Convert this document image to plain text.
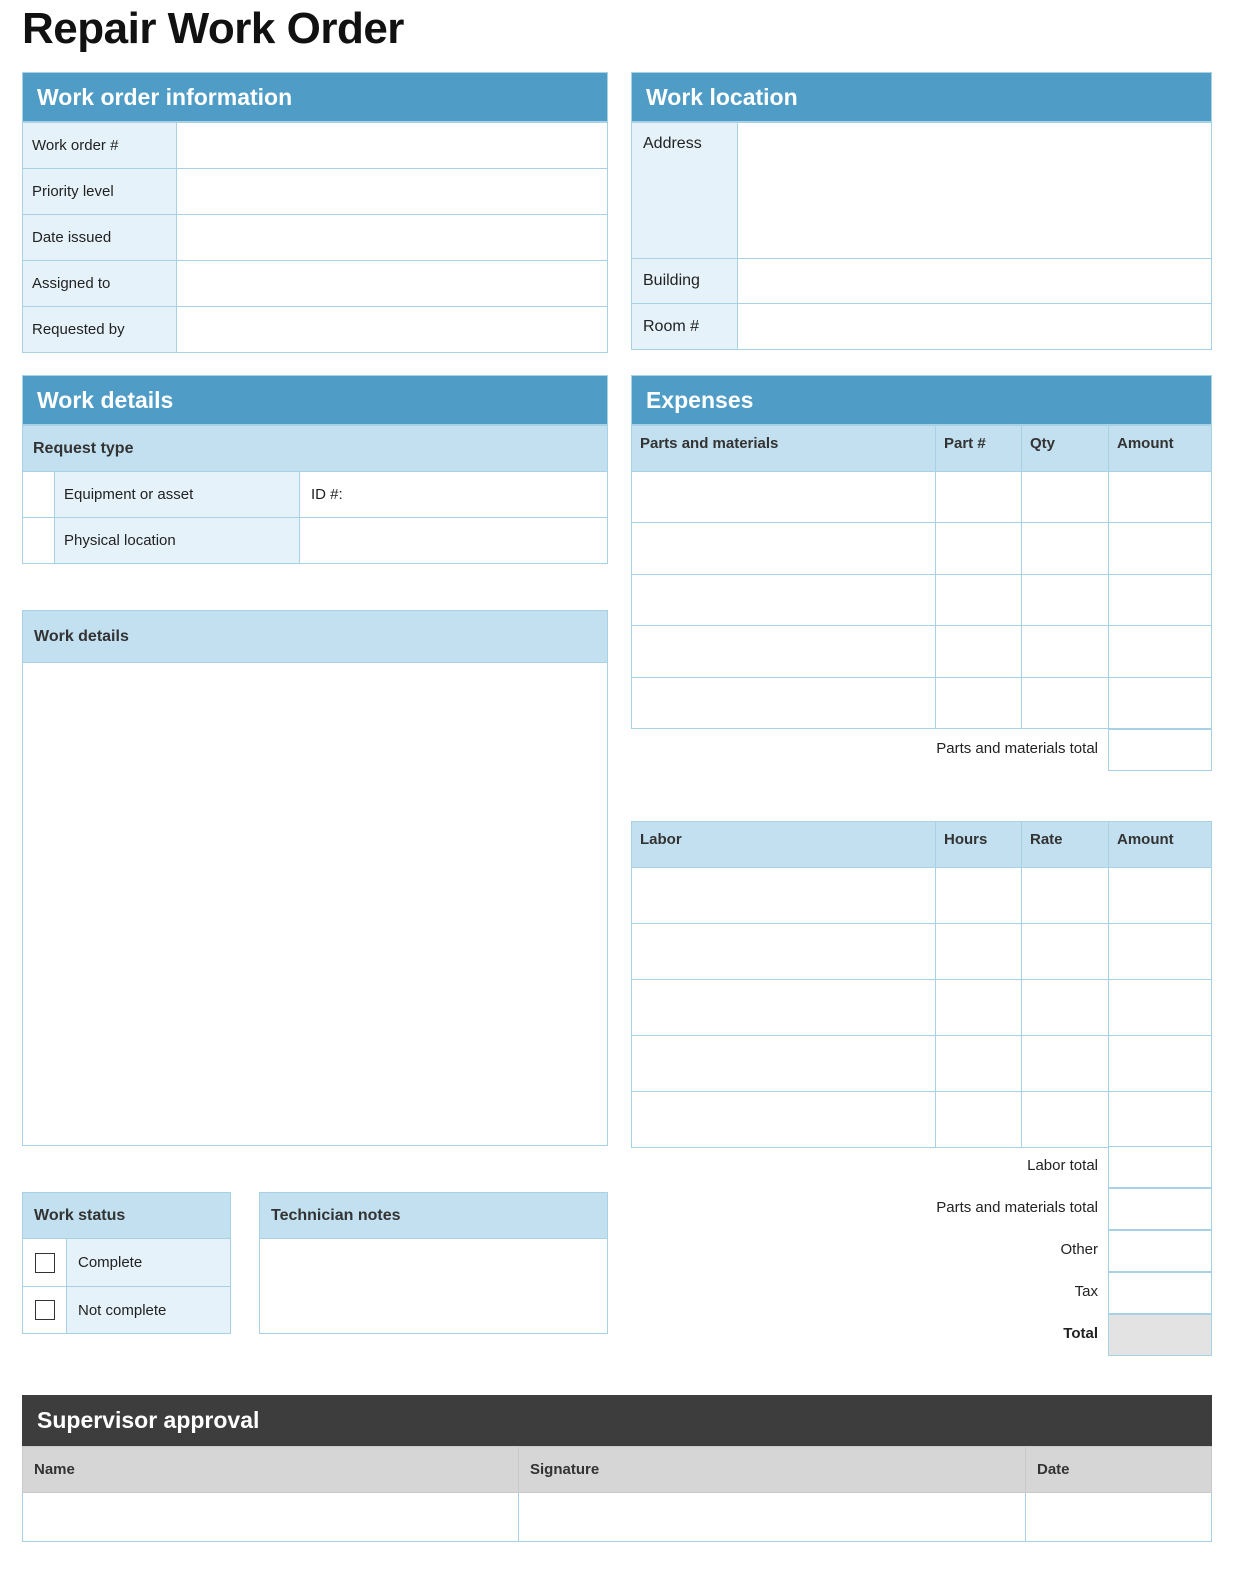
Repair Work Order
Work order information
Work order #	
Priority level	
Date issued	
Assigned to	
Requested by	
Work location
Address	
Building	
Room #	
Work details
Request type		
	Equipment or asset	ID #:
	Physical location	
Work details

Expenses
Parts and materials	Part #	Qty	Amount

Parts and materials total
Labor	Hours	Rate	Amount

Labor total
Parts and materials total
Other
Tax
Total
Work status	
	Complete
	Not complete
Technician notes

Supervisor approval
Name	Signature	Date
